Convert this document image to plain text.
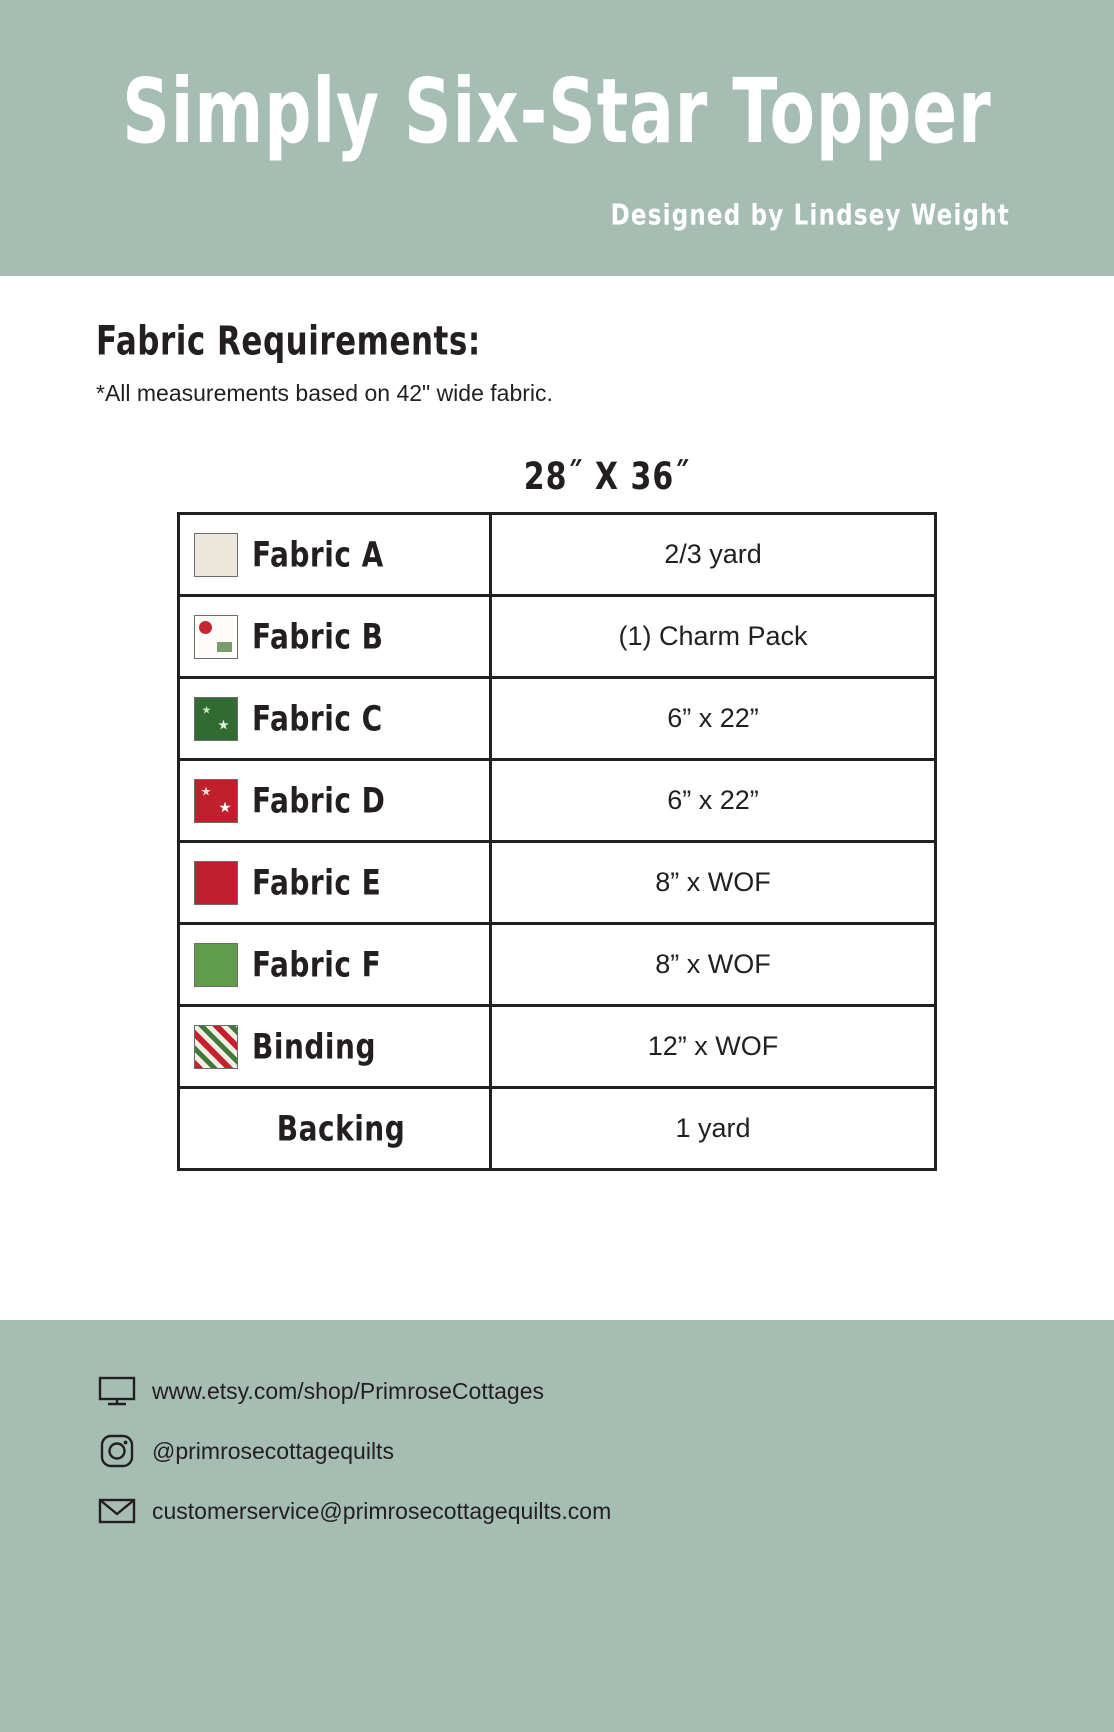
Simply Six-Star Topper
Designed by Lindsey Weight
Fabric Requirements:
*All measurements based on 42" wide fabric.
28˝ X 36˝
Fabric A	2/3 yard

Fabric B	(1) Charm Pack

Fabric C	6” x 22”

Fabric D	6” x 22”

Fabric E	8” x WOF

Fabric F	8” x WOF

Binding	12” x WOF

Backing	1 yard
www.etsy.com/shop/PrimroseCottages
@primrosecottagequilts
customerservice@primrosecottagequilts.com
